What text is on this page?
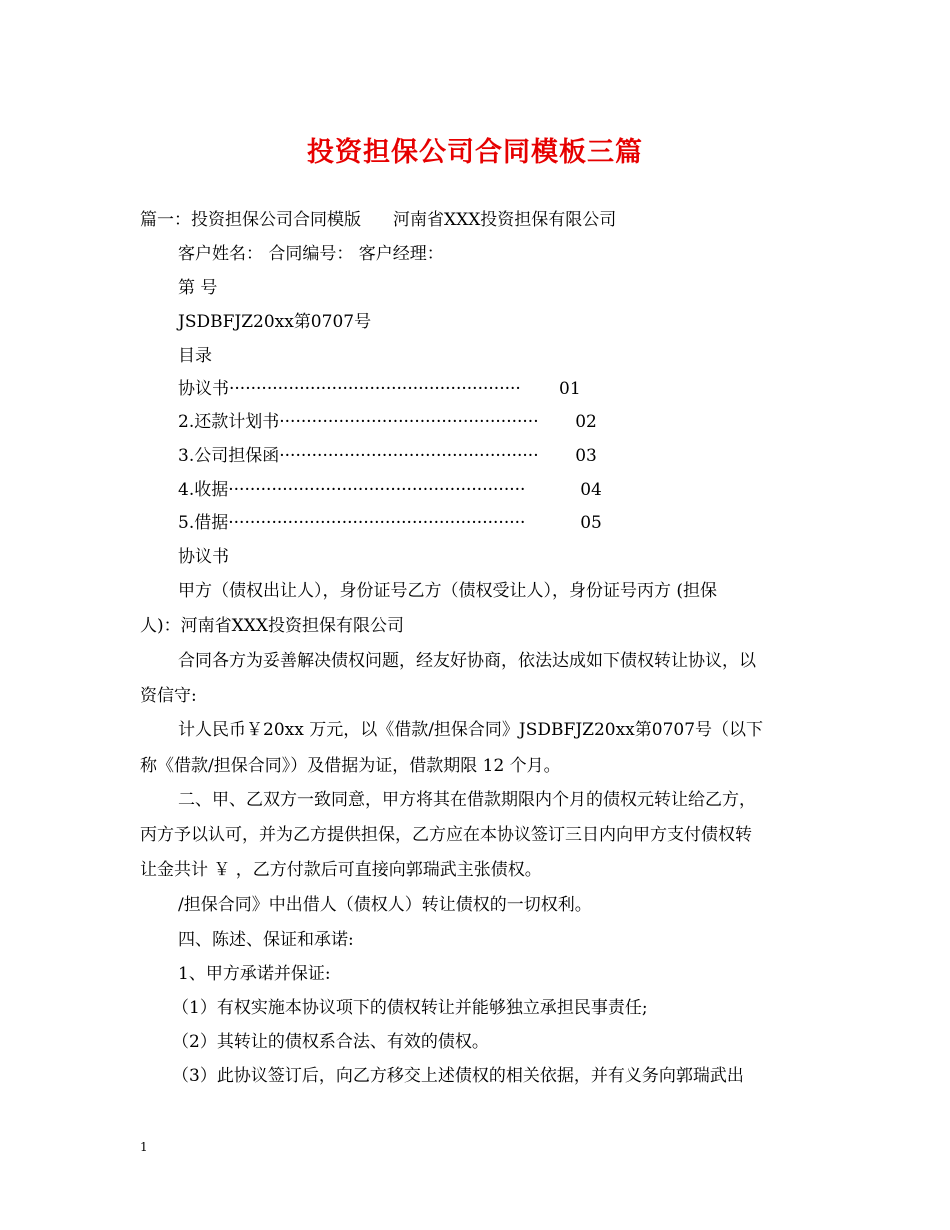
投资担保公司合同模板三篇
篇一：投资担保公司合同模版 河南省XXX投资担保有限公司
客户姓名： 合同编号： 客户经理：
第 号
JSDBFJZ20xx第0707号
目录
协议书······················································ 01
2.还款计划书················································ 02
3.公司担保函················································ 03
4.收据·······················································	04
5.借据·······················································	05
协议书
甲方（债权出让人），身份证号乙方（债权受让人），身份证号丙方 (担保
人)：河南省XXX投资担保有限公司
合同各方为妥善解决债权问题，经友好协商，依法达成如下债权转让协议，以
资信守:
计人民币￥20xx 万元，以《借款/担保合同》JSDBFJZ20xx第0707号（以下
称《借款/担保合同》）及借据为证，借款期限 12 个月。
二、甲、乙双方一致同意，甲方将其在借款期限内个月的债权元转让给乙方，
丙方予以认可，并为乙方提供担保，乙方应在本协议签订三日内向甲方支付债权转
让金共计 ￥ ，乙方付款后可直接向郭瑞武主张债权。
/担保合同》中出借人（债权人）转让债权的一切权利。
四、陈述、保证和承诺:
1、甲方承诺并保证:
（1）有权实施本协议项下的债权转让并能够独立承担民事责任;
（2）其转让的债权系合法、有效的债权。
（3）此协议签订后，向乙方移交上述债权的相关依据，并有义务向郭瑞武出
1
